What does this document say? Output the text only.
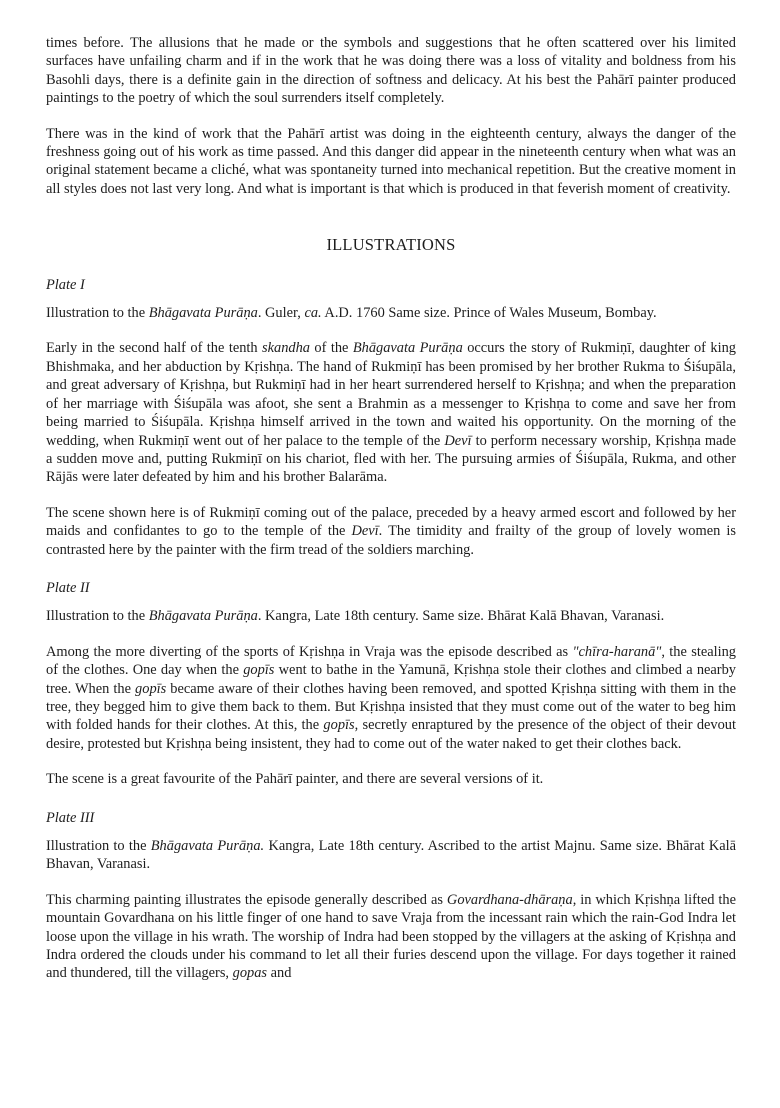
times before. The allusions that he made or the symbols and suggestions that he often scattered over his limited surfaces have unfailing charm and if in the work that he was doing there was a loss of vitality and boldness from his Basohli days, there is a definite gain in the direction of softness and delicacy. At his best the Pahārī painter produced paintings to the poetry of which the soul surrenders itself completely.

There was in the kind of work that the Pahārī artist was doing in the eighteenth century, always the danger of the freshness going out of his work as time passed. And this danger did appear in the nineteenth century when what was an original statement became a cliché, what was spontaneity turned into mechanical repetition. But the creative moment in all styles does not last very long. And what is important is that which is produced in that feverish moment of creativity.

ILLUSTRATIONS

Plate I

Illustration to the Bhāgavata Purāṇa. Guler, ca. A.D. 1760 Same size. Prince of Wales Museum, Bombay.

Early in the second half of the tenth skandha of the Bhāgavata Purāṇa occurs the story of Rukmiṇī, daughter of king Bhishmaka, and her abduction by Kṛishṇa. The hand of Rukmiṇī has been promised by her brother Rukma to Śiśupāla, and great adversary of Kṛishṇa, but Rukmiṇī had in her heart surrendered herself to Kṛishṇa; and when the preparation of her marriage with Śiśupāla was afoot, she sent a Brahmin as a messenger to Kṛishṇa to come and save her from being married to Śiśupāla. Kṛishṇa himself arrived in the town and waited his opportunity. On the morning of the wedding, when Rukmiṇī went out of her palace to the temple of the Devī to perform necessary worship, Kṛishṇa made a sudden move and, putting Rukmiṇī on his chariot, fled with her. The pursuing armies of Śiśupāla, Rukma, and other Rājās were later defeated by him and his brother Balarāma.

The scene shown here is of Rukmiṇī coming out of the palace, preceded by a heavy armed escort and followed by her maids and confidantes to go to the temple of the Devī. The timidity and frailty of the group of lovely women is contrasted here by the painter with the firm tread of the soldiers marching.

Plate II

Illustration to the Bhāgavata Purāṇa. Kangra, Late 18th century. Same size. Bhārat Kalā Bhavan, Varanasi.

Among the more diverting of the sports of Kṛishṇa in Vraja was the episode described as "chīra-haranā", the stealing of the clothes. One day when the gopīs went to bathe in the Yamunā, Kṛishṇa stole their clothes and climbed a nearby tree. When the gopīs became aware of their clothes having been removed, and spotted Kṛishṇa sitting with them in the tree, they begged him to give them back to them. But Kṛishṇa insisted that they must come out of the water to beg him with folded hands for their clothes. At this, the gopīs, secretly enraptured by the presence of the object of their devout desire, protested but Kṛishṇa being insistent, they had to come out of the water naked to get their clothes back.

The scene is a great favourite of the Pahārī painter, and there are several versions of it.

Plate III

Illustration to the Bhāgavata Purāṇa. Kangra, Late 18th century. Ascribed to the artist Majnu. Same size. Bhārat Kalā Bhavan, Varanasi.

This charming painting illustrates the episode generally described as Govardhana-dhāraṇa, in which Kṛishṇa lifted the mountain Govardhana on his little finger of one hand to save Vraja from the incessant rain which the rain-God Indra let loose upon the village in his wrath. The worship of Indra had been stopped by the villagers at the asking of Kṛishṇa and Indra ordered the clouds under his command to let all their furies descend upon the village. For days together it rained and thundered, till the villagers, gopas and
